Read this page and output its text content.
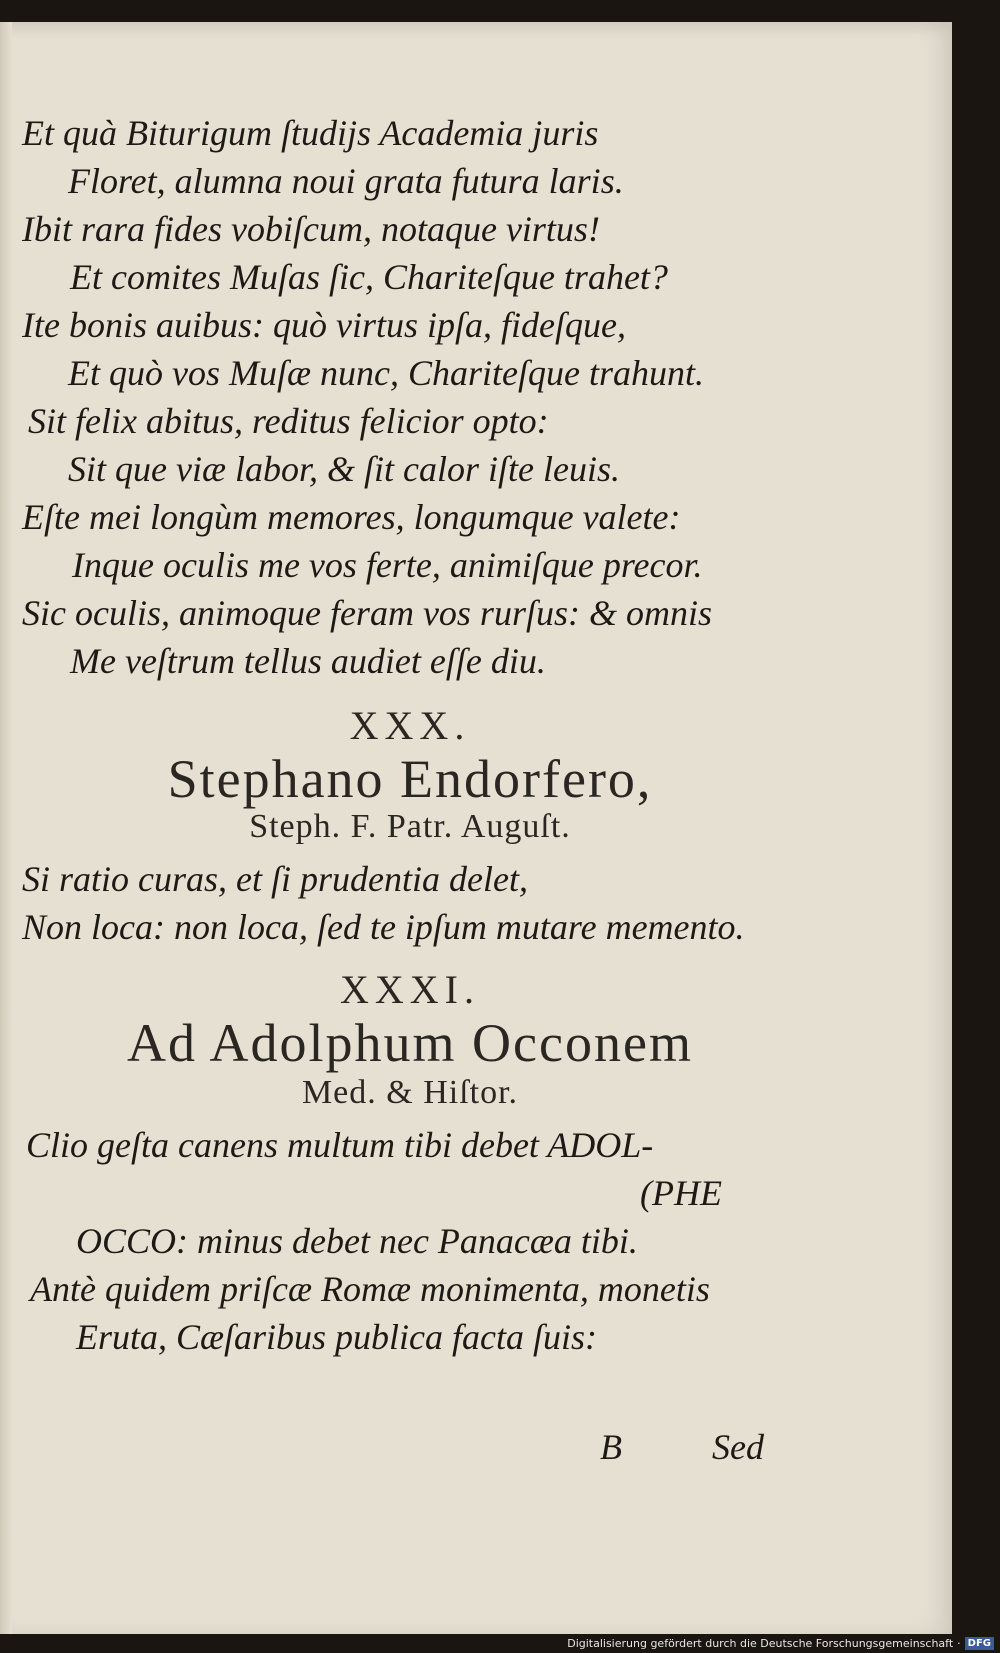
Et quà Biturigum ſtudijs Academia juris
Floret, alumna noui grata futura laris.
Ibit rara fides vobiſcum, notaque virtus!
Et comites Muſas ſic, Chariteſque trahet?
Ite bonis auibus: quò virtus ipſa, fideſque,
Et quò vos Muſæ nunc, Chariteſque trahunt.
Sit felix abitus, reditus felicior opto:
Sit que viæ labor, & ſit calor iſte leuis.
Eſte mei longùm memores, longumque valete:
Inque oculis me vos ferte, animiſque precor.
Sic oculis, animoque feram vos rurſus: & omnis
Me veſtrum tellus audiet eſſe diu.
XXX.
Stephano Endorfero,
Steph. F. Patr. Auguſt.
Si ratio curas, et ſi prudentia delet,
Non loca: non loca, ſed te ipſum mutare memento.
XXXI.
Ad Adolphum Occonem
Med. & Hiſtor.
Clio geſta canens multum tibi debet ADOL-
(PHE
OCCO: minus debet nec Panacæa tibi.
Antè quidem priſcæ Romæ monimenta, monetis
Eruta, Cæſaribus publica facta ſuis:
B	Sed
Digitalisierung gefördert durch die Deutsche Forschungsgemeinschaft · DFG
